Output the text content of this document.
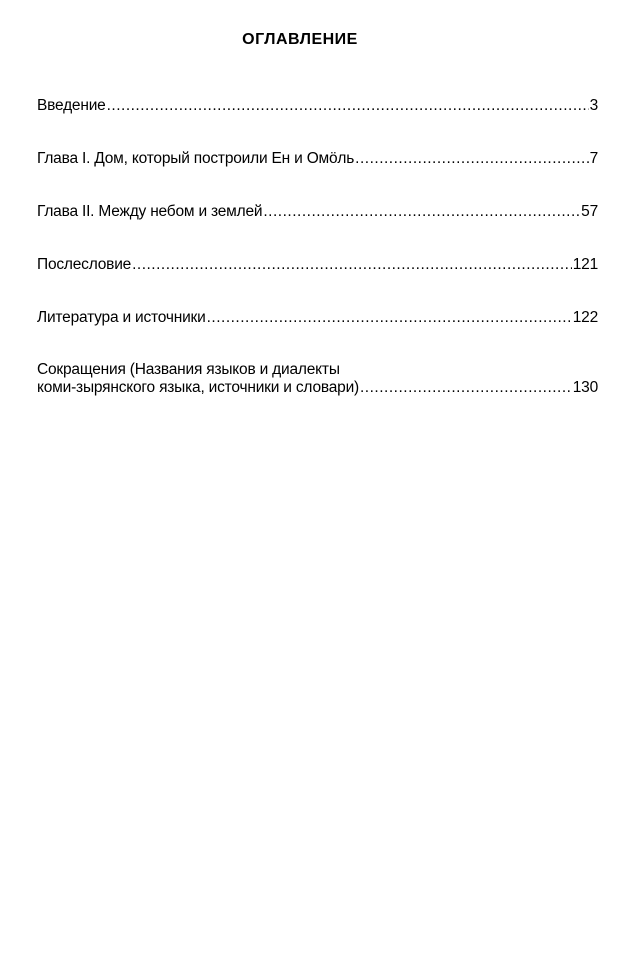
ОГЛАВЛЕНИЕ
Введение .....	3
Глава I. Дом, который построили Ен и Омӧль .....	7
Глава II. Между небом и землей .....	57
Послесловие .....	121
Литература и источники .....	122
Сокращения (Названия языков и диалекты
коми-зырянского языка, источники и словари) .....	130
